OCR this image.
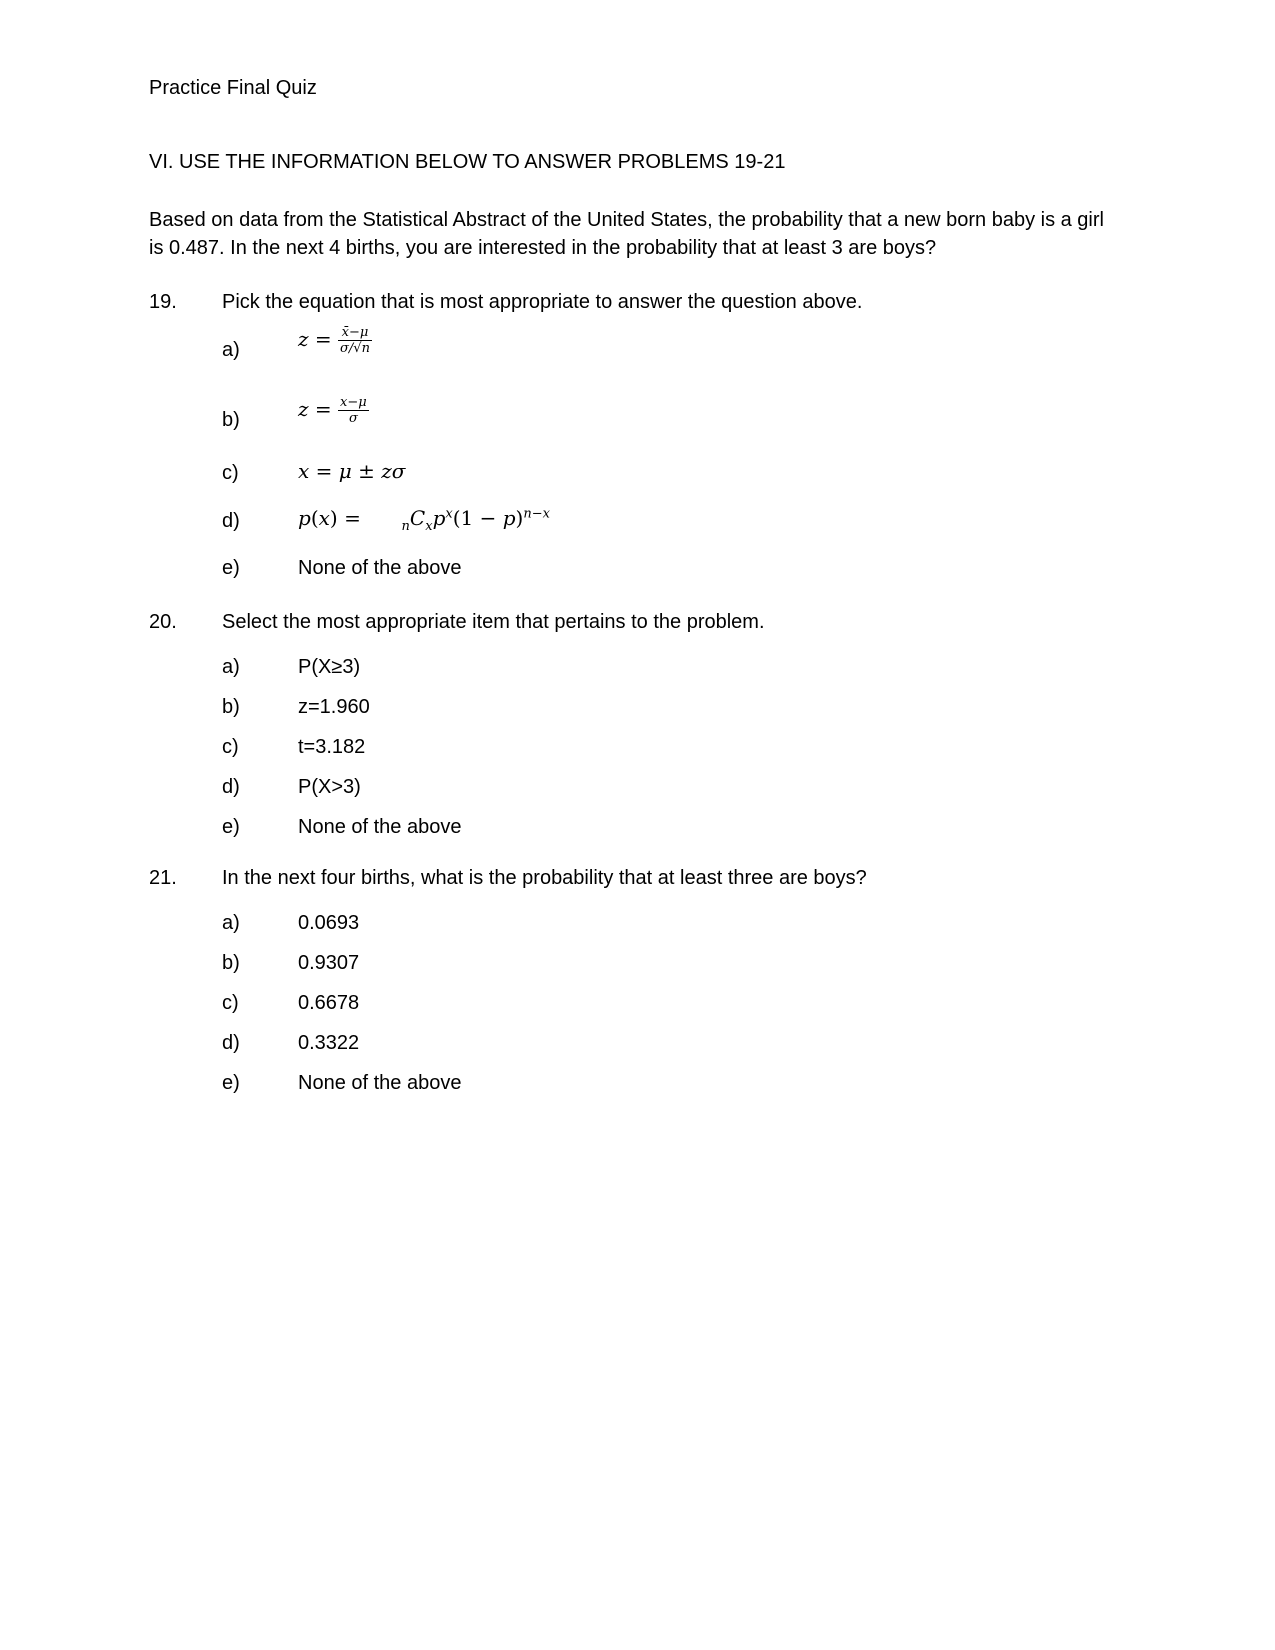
Practice Final Quiz
VI. USE THE INFORMATION BELOW TO ANSWER PROBLEMS 19-21
Based on data from the Statistical Abstract of the United States, the probability that a new born baby is a girl is 0.487. In the next 4 births, you are interested in the probability that at least 3 are boys?
19. Pick the equation that is most appropriate to answer the question above.
a)	$z = \frac{x̄-\mu}{\sigma/√n}$
b)	$z = \frac{x-\mu}{\sigma}$
c)	x = μ ± zσ
d)	p(x) =	$_nC_xp^x(1 - p)^{n-x}$
e)	None of the above
20. Select the most appropriate item that pertains to the problem.
a)	P(X≥3)
b)	z=1.960
c)	t=3.182
d)	P(X>3)
e)	None of the above
21. In the next four births, what is the probability that at least three are boys?
a)	0.0693
b)	0.9307
c)	0.6678
d)	0.3322
e)	None of the above
